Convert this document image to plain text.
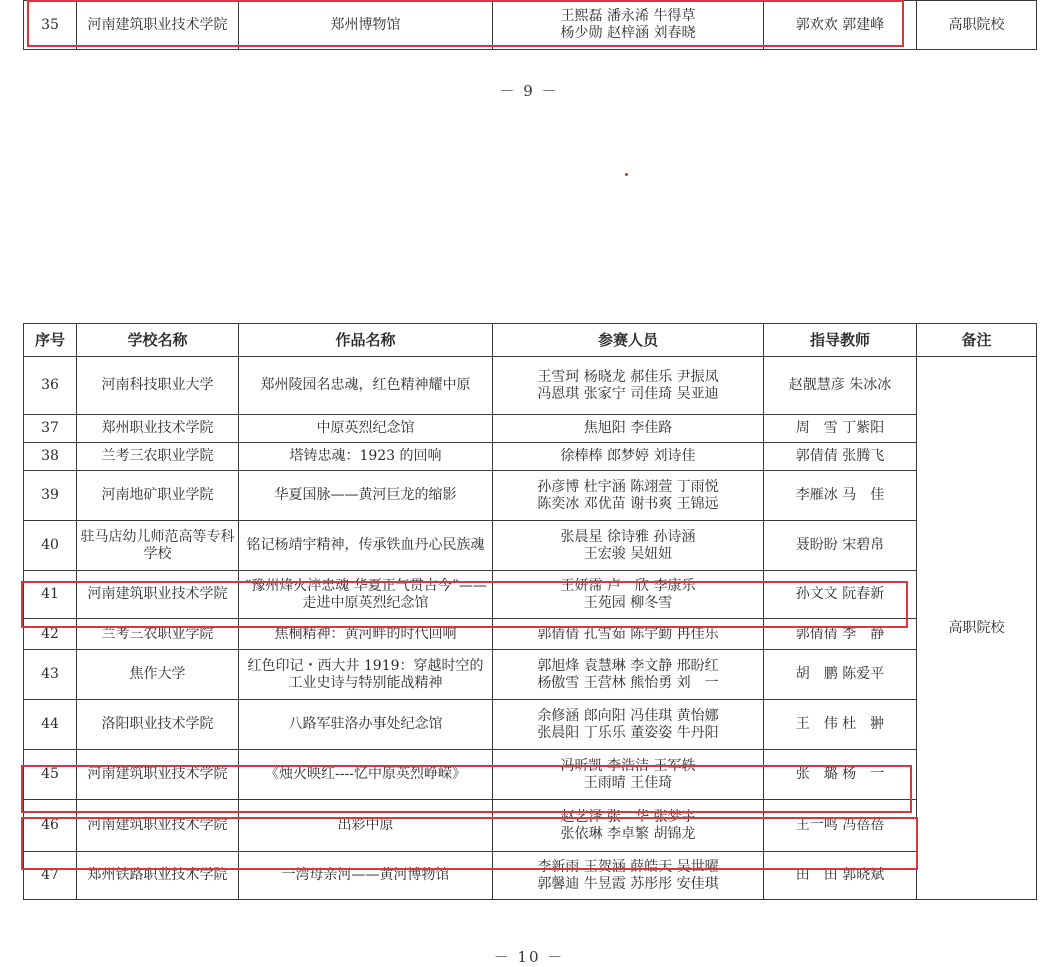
35	河南建筑职业技术学院	郑州博物馆	
王熙磊 潘永浠 牛得草
杨少勋 赵梓涵 刘春晓
	郭欢欢 郭建峰	高职院校
－ 9 －
序号	学校名称	作品名称	参赛人员	指导教师	备注
36	河南科技职业大学	郑州陵园名忠魂，红色精神耀中原	王雪珂 杨晓龙 郝佳乐 尹振凤
冯恩琪 张家宁 司佳琦 吴亚迪	赵靓慧彦 朱冰冰	高职院校
37	郑州职业技术学院	中原英烈纪念馆	焦旭阳 李佳路	周　雪 丁紫阳	
38	兰考三农职业学院	塔铸忠魂：1923 的回响	徐棒棒 郎梦婷 刘诗佳	郭倩倩 张腾飞	
39	河南地矿职业学院	华夏国脉——黄河巨龙的缩影	孙彦博 杜宇涵 陈翊萱 丁雨悦
陈奕冰 邓优苗 谢书爽 王锦远	李雁冰 马　佳	
40	驻马店幼儿师范高等专科学校	铭记杨靖宇精神，传承铁血丹心民族魂	张晨星 徐诗雅 孙诗涵
王宏骏 吴妞妞	聂盼盼 宋碧帛	
41	河南建筑职业技术学院	“豫州烽火淬忠魂 华夏正气贯古今”——走进中原英烈纪念馆	王妍霈 卢　欣 李康乐
王苑园 柳冬雪	孙文文 阮春新	
42	兰考三农职业学院	焦桐精神：黄河畔的时代回响	郭倩倩 孔雪茹 陈宇勤 冉佳乐	郭倩倩 李　静	
43	焦作大学	红色印记・西大井 1919：穿越时空的工业史诗与特别能战精神	郭旭烽 袁慧琳 李文静 邢盼红
杨傲雪 王营林 熊怡勇 刘　一	胡　鹏 陈爱平	
44	洛阳职业技术学院	八路军驻洛办事处纪念馆	余修涵 郎向阳 冯佳琪 黄怡娜
张晨阳 丁乐乐 董姿姿 牛丹阳	王　伟 杜　翀	
45	河南建筑职业技术学院	《烛火映红----忆中原英烈峥嵘》	冯昕凯 李浩洁 王军轶
王雨晴 王佳琦	张　璐 杨　一	
46	河南建筑职业技术学院	出彩中原	赵艺泽 张　华 张梦宇
张依琳 李卓繁 胡锦龙	王一鸣 冯蓓蓓	
47	郑州铁路职业技术学院	一湾母亲河——黄河博物馆	李新雨 王贺涵 薛皓天 吴世曜
郭馨迪 牛昱霞 苏彤彤 安佳琪	田　田 郭晓斌	
－ 10 －
